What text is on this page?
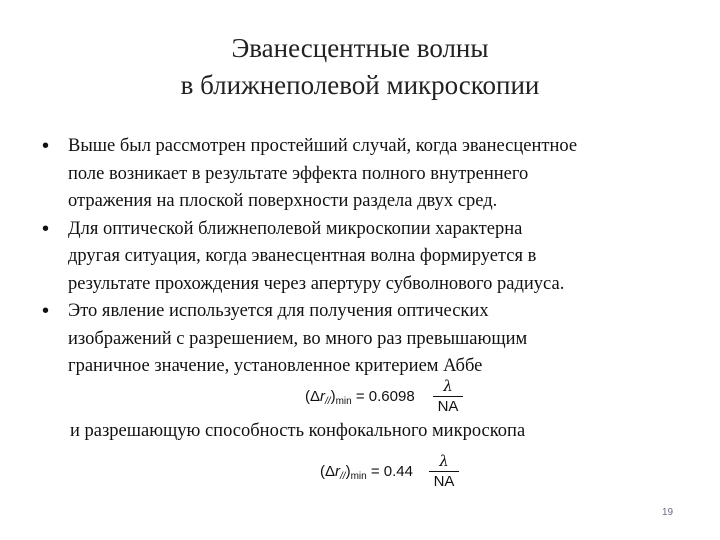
Эванесцентные волны
в ближнеполевой микроскопии
• Выше был рассмотрен простейший случай, когда эванесцентное
поле возникает в результате эффекта полного внутреннего
отражения на плоской поверхности раздела двух сред.
• Для оптической ближнеполевой микроскопии характерна
другая ситуация, когда эванесцентная волна формируется в
результате прохождения через апертуру субволнового радиуса.
• Это явление используется для получения оптических
изображений с разрешением, во много раз превышающим
граничное значение, установленное критерием Аббе
$(\Delta r_{//})_{min} = 0.6098$
λ
NA
и разрешающую способность конфокального микроскопа
$(\Delta r_{//})_{min} = 0.44$
λ
NA
19
